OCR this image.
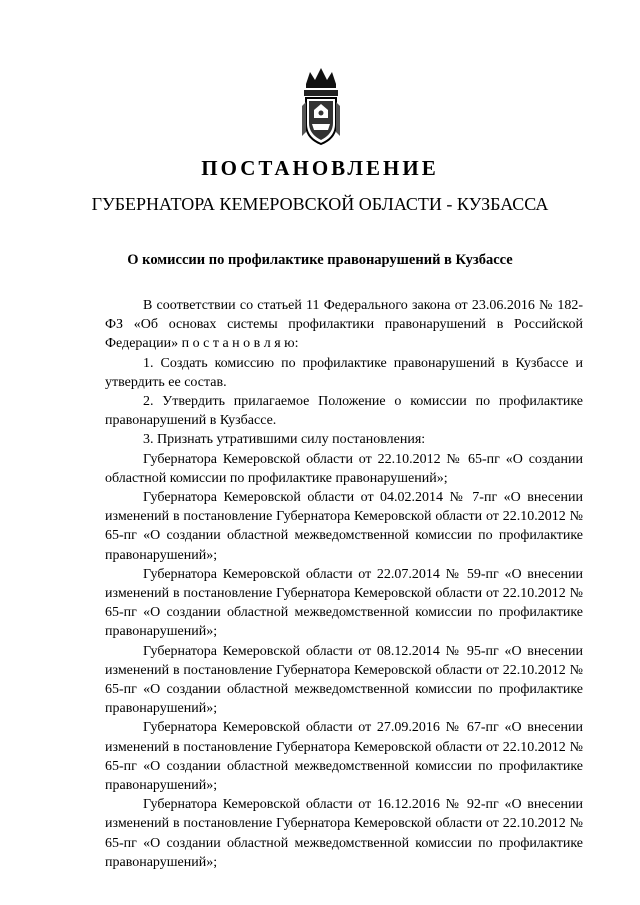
ПОСТАНОВЛЕНИЕ
ГУБЕРНАТОРА КЕМЕРОВСКОЙ ОБЛАСТИ - КУЗБАССА
О комиссии по профилактике правонарушений в Кузбассе

В соответствии со статьей 11 Федерального закона от 23.06.2016 № 182-ФЗ «Об основах системы профилактики правонарушений в Российской Федерации» п о с т а н о в л я ю:

1. Создать комиссию по профилактике правонарушений в Кузбассе и утвердить ее состав.

2. Утвердить прилагаемое Положение о комиссии по профилактике правонарушений в Кузбассе.

3. Признать утратившими силу постановления:

Губернатора Кемеровской области от 22.10.2012 № 65-пг «О создании областной комиссии по профилактике правонарушений»;

Губернатора Кемеровской области от 04.02.2014 № 7-пг «О внесении изменений в постановление Губернатора Кемеровской области от 22.10.2012 № 65-пг «О создании областной межведомственной комиссии по профилактике правонарушений»;

Губернатора Кемеровской области от 22.07.2014 № 59-пг «О внесении изменений в постановление Губернатора Кемеровской области от 22.10.2012 № 65-пг «О создании областной межведомственной комиссии по профилактике правонарушений»;

Губернатора Кемеровской области от 08.12.2014 № 95-пг «О внесении изменений в постановление Губернатора Кемеровской области от 22.10.2012 № 65-пг «О создании областной межведомственной комиссии по профилактике правонарушений»;

Губернатора Кемеровской области от 27.09.2016 № 67-пг «О внесении изменений в постановление Губернатора Кемеровской области от 22.10.2012 № 65-пг «О создании областной межведомственной комиссии по профилактике правонарушений»;

Губернатора Кемеровской области от 16.12.2016 № 92-пг «О внесении изменений в постановление Губернатора Кемеровской области от 22.10.2012 № 65-пг «О создании областной межведомственной комиссии по профилактике правонарушений»;
